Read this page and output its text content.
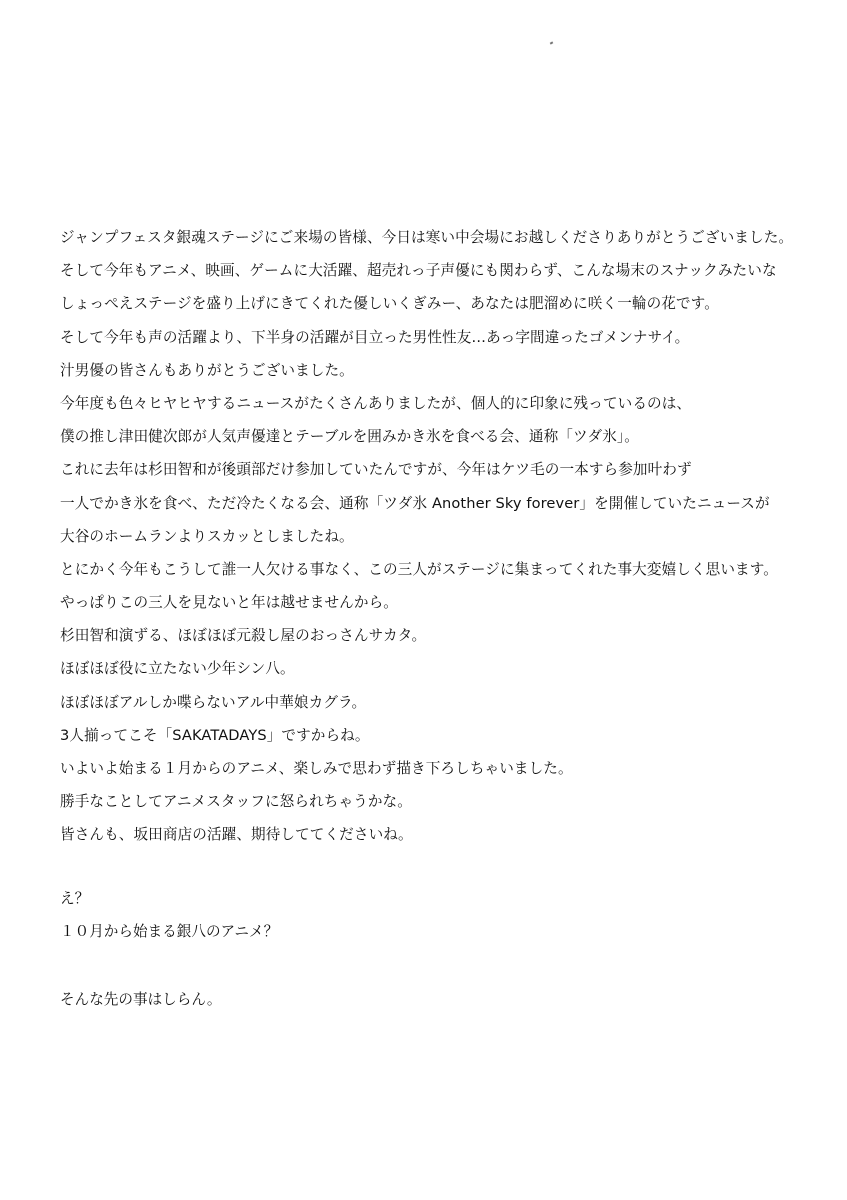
ジャンプフェスタ銀魂ステージにご来場の皆様、今日は寒い中会場にお越しくださりありがとうございました。
そして今年もアニメ、映画、ゲームに大活躍、超売れっ子声優にも関わらず、こんな場末のスナックみたいな
しょっぺえステージを盛り上げにきてくれた優しいくぎみー、あなたは肥溜めに咲く一輪の花です。
そして今年も声の活躍より、下半身の活躍が目立った男性性友…あっ字間違ったゴメンナサイ。
汁男優の皆さんもありがとうございました。
今年度も色々ヒヤヒヤするニュースがたくさんありましたが、個人的に印象に残っているのは、
僕の推し津田健次郎が人気声優達とテーブルを囲みかき氷を食べる会、通称「ツダ氷」。
これに去年は杉田智和が後頭部だけ参加していたんですが、今年はケツ毛の一本すら参加叶わず
一人でかき氷を食べ、ただ冷たくなる会、通称「ツダ氷 Another Sky forever」を開催していたニュースが
大谷のホームランよりスカッとしましたね。
とにかく今年もこうして誰一人欠ける事なく、この三人がステージに集まってくれた事大変嬉しく思います。
やっぱりこの三人を見ないと年は越せませんから。
杉田智和演ずる、ほぼほぼ元殺し屋のおっさんサカタ。
ほぼほぼ役に立たない少年シン八。
ほぼほぼアルしか喋らないアル中華娘カグラ。
3人揃ってこそ「SAKATADAYS」ですからね。
いよいよ始まる１月からのアニメ、楽しみで思わず描き下ろしちゃいました。
勝手なことしてアニメスタッフに怒られちゃうかな。
皆さんも、坂田商店の活躍、期待しててくださいね。
え？
１０月から始まる銀八のアニメ？
そんな先の事はしらん。
